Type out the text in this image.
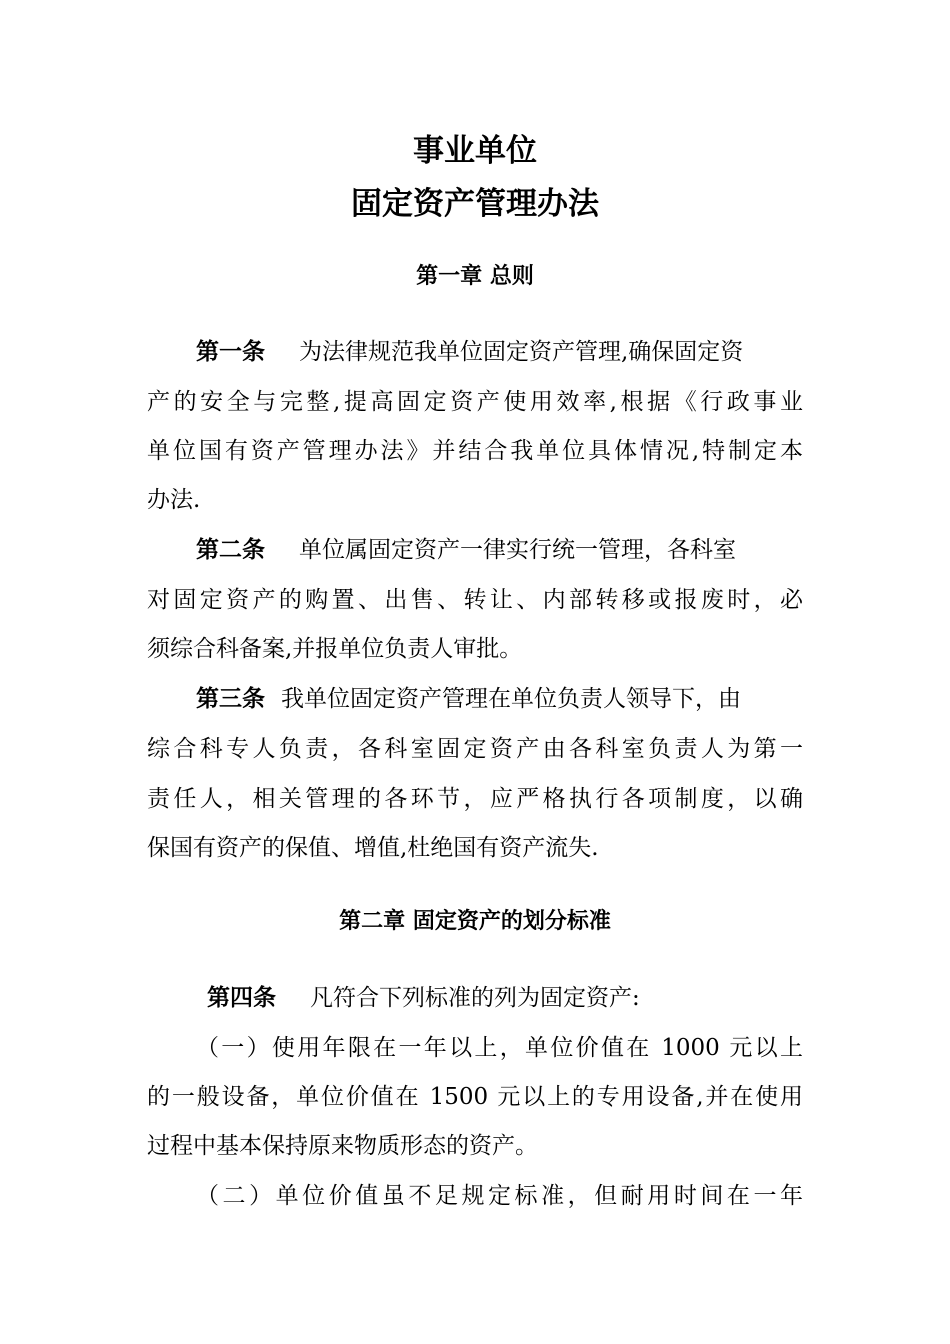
事业单位
固定资产管理办法
第一章 总则

第一条 为法律规范我单位固定资产管理,确保固定资

产的安全与完整,提高固定资产使用效率,根据《行政事业

单位国有资产管理办法》并结合我单位具体情况,特制定本

办法.

第二条 单位属固定资产一律实行统一管理，各科室

对固定资产的购置、出售、转让、内部转移或报废时，必

须综合科备案,并报单位负责人审批。

第三条 我单位固定资产管理在单位负责人领导下，由

综合科专人负责，各科室固定资产由各科室负责人为第一

责任人，相关管理的各环节，应严格执行各项制度，以确

保国有资产的保值、增值,杜绝国有资产流失.

第二章 固定资产的划分标准

第四条 凡符合下列标准的列为固定资产:

（一）使用年限在一年以上，单位价值在 1000 元以上

的一般设备，单位价值在 1500 元以上的专用设备,并在使用

过程中基本保持原来物质形态的资产。

（二）单位价值虽不足规定标准，但耐用时间在一年
